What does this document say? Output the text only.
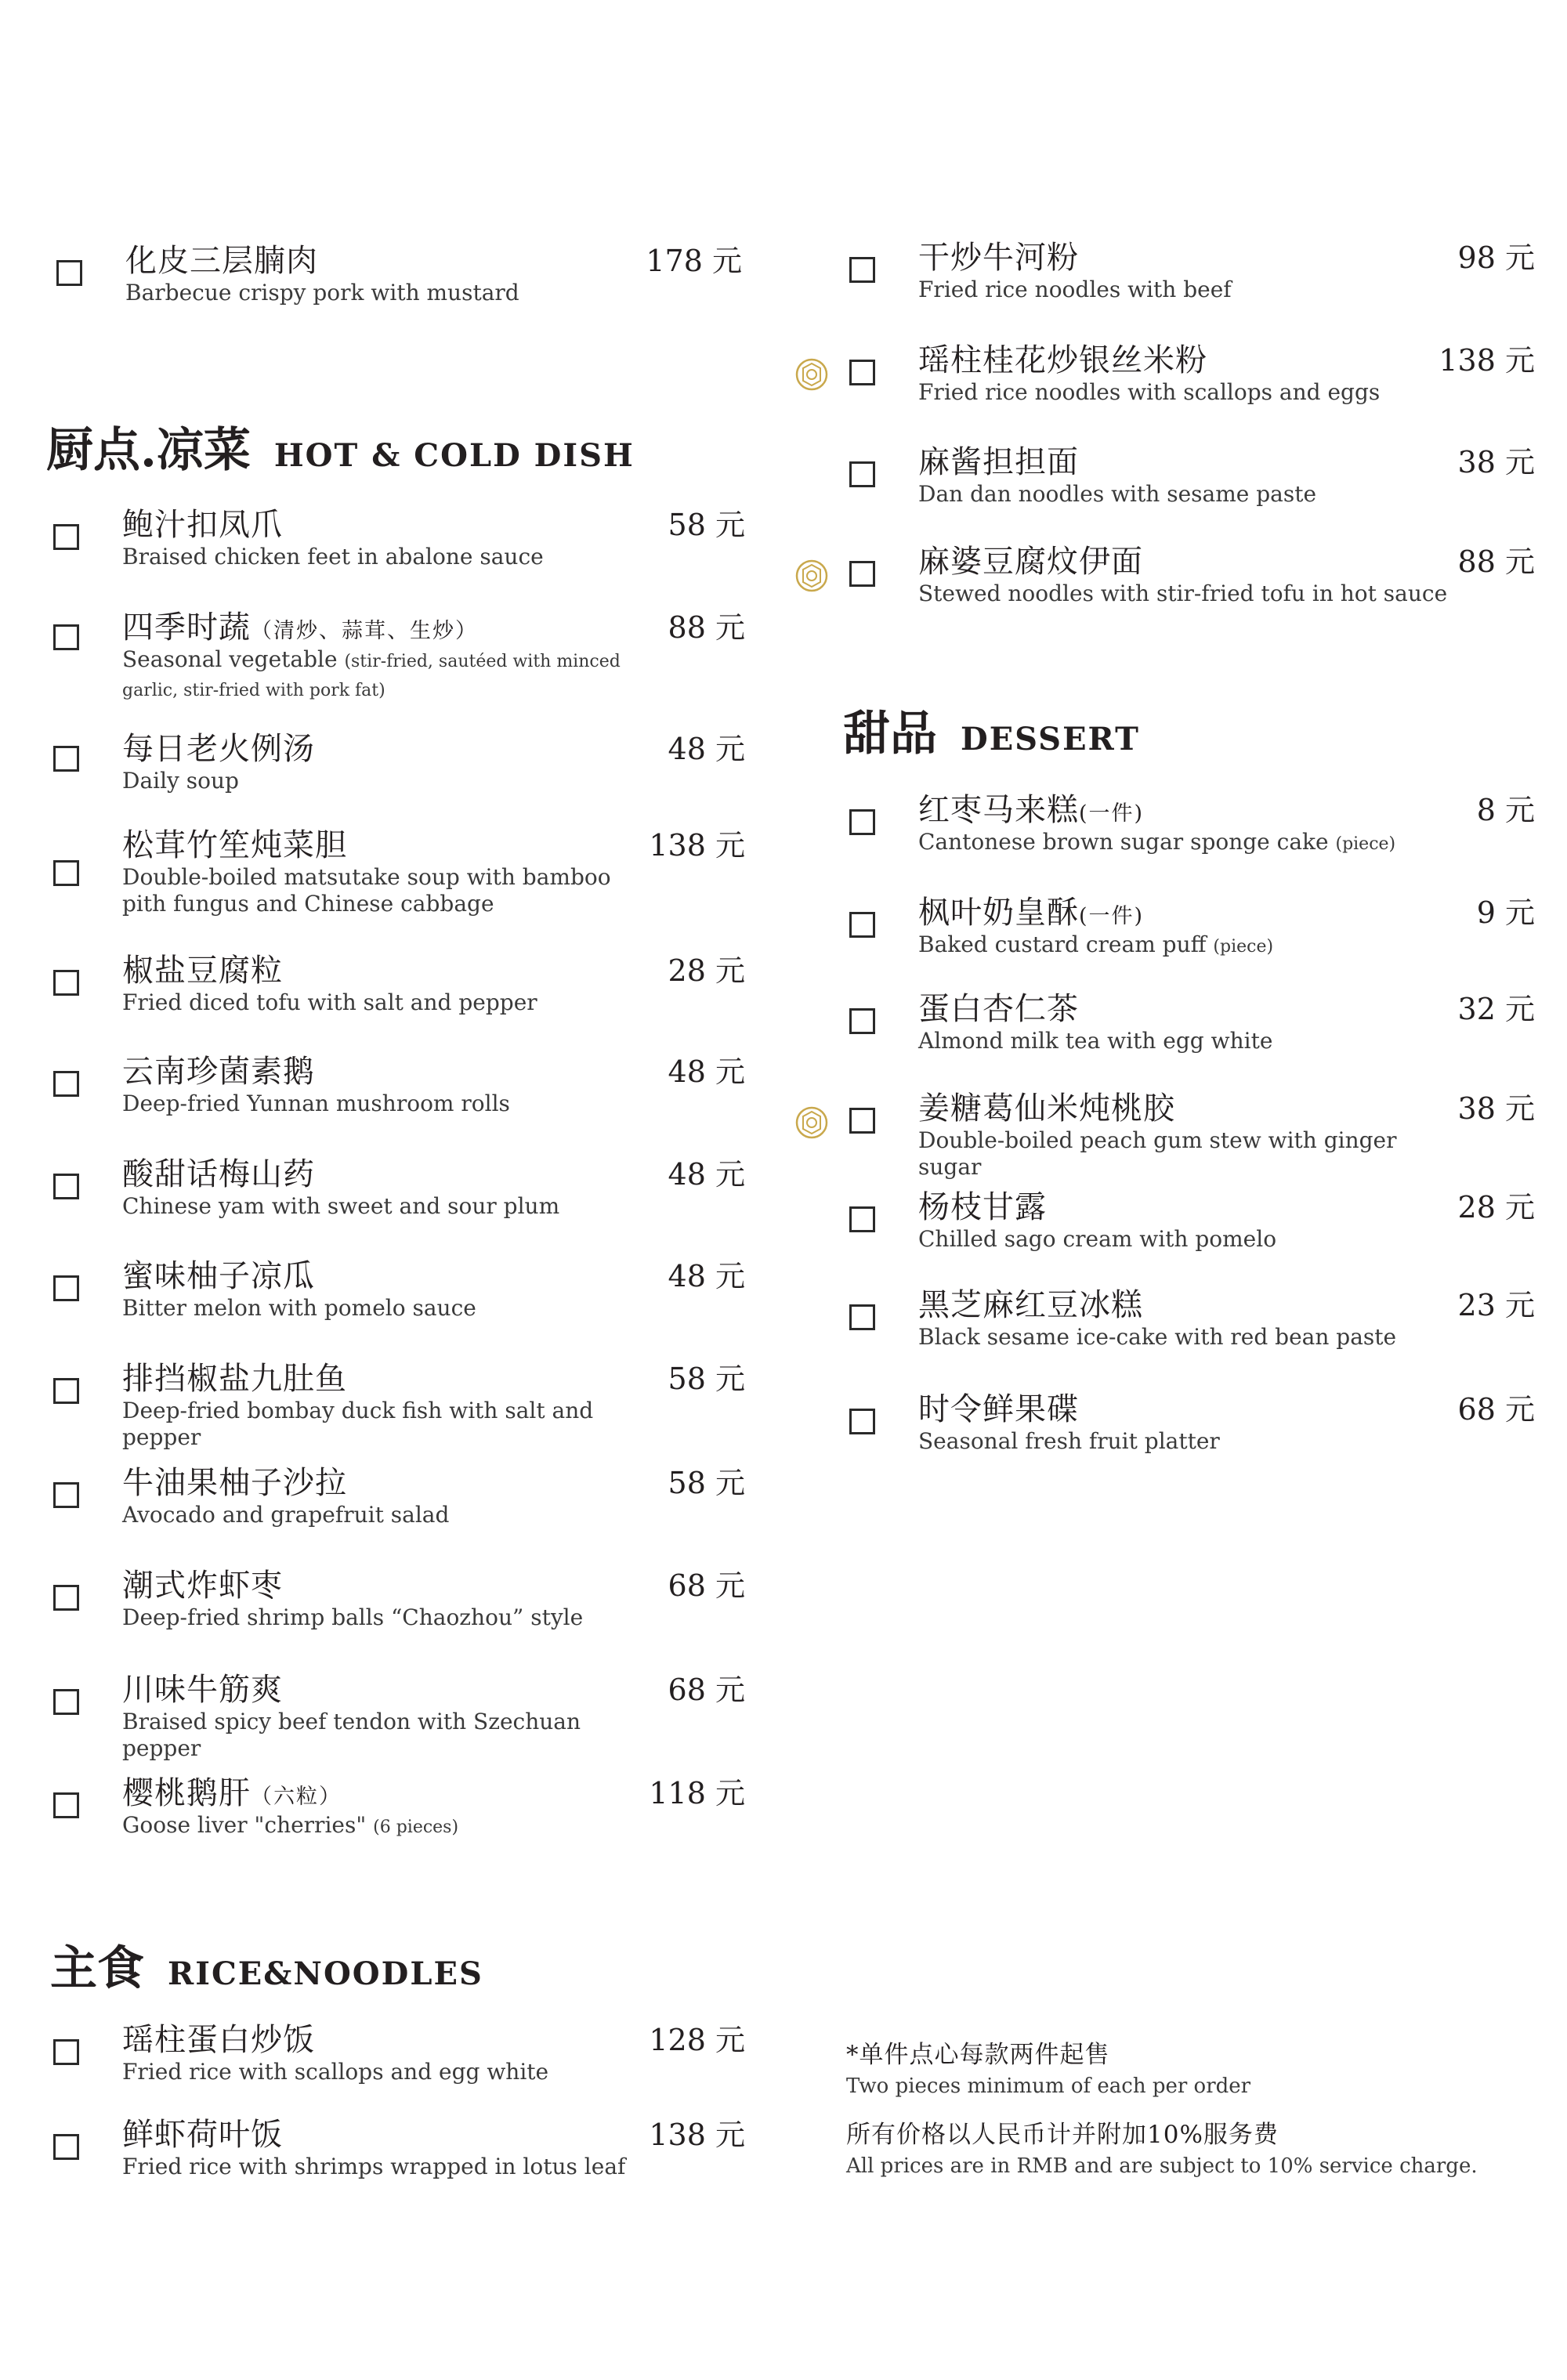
化皮三层腩肉
Barbecue crispy pork with mustard
178 元
厨点.凉菜 HOT & COLD DISH
鲍汁扣凤爪
Braised chicken feet in abalone sauce
58 元
四季时蔬（清炒、蒜茸、生炒）
Seasonal vegetable (stir-fried, sautéed with minced garlic, stir-fried with pork fat)
88 元
每日老火例汤
Daily soup
48 元
松茸竹笙炖菜胆
Double-boiled matsutake soup with bamboo pith fungus and Chinese cabbage
138 元
椒盐豆腐粒
Fried diced tofu with salt and pepper
28 元
云南珍菌素鹅
Deep-fried Yunnan mushroom rolls
48 元
酸甜话梅山药
Chinese yam with sweet and sour plum
48 元
蜜味柚子凉瓜
Bitter melon with pomelo sauce
48 元
排挡椒盐九肚鱼
Deep-fried bombay duck fish with salt and pepper
58 元
牛油果柚子沙拉
Avocado and grapefruit salad
58 元
潮式炸虾枣
Deep-fried shrimp balls “Chaozhou” style
68 元
川味牛筋爽
Braised spicy beef tendon with Szechuan pepper
68 元
樱桃鹅肝（六粒）
Goose liver "cherries" (6 pieces)
118 元
主食 RICE&NOODLES
瑶柱蛋白炒饭
Fried rice with scallops and egg white
128 元
鲜虾荷叶饭
Fried rice with shrimps wrapped in lotus leaf
138 元
干炒牛河粉
Fried rice noodles with beef
98 元
瑶柱桂花炒银丝米粉
Fried rice noodles with scallops and eggs
138 元
麻酱担担面
Dan dan noodles with sesame paste
38 元
麻婆豆腐炆伊面
Stewed noodles with stir-fried tofu in hot sauce
88 元
甜品 DESSERT
红枣马来糕(一件)
Cantonese brown sugar sponge cake (piece)
8 元
枫叶奶皇酥(一件)
Baked custard cream puff (piece)
9 元
蛋白杏仁茶
Almond milk tea with egg white
32 元
姜糖葛仙米炖桃胶
Double-boiled peach gum stew with ginger sugar
38 元
杨枝甘露
Chilled sago cream with pomelo
28 元
黑芝麻红豆冰糕
Black sesame ice-cake with red bean paste
23 元
时令鲜果碟
Seasonal fresh fruit platter
68 元
*单件点心每款两件起售
Two pieces minimum of each per order
所有价格以人民币计并附加10%服务费
All prices are in RMB and are subject to 10% service charge.
